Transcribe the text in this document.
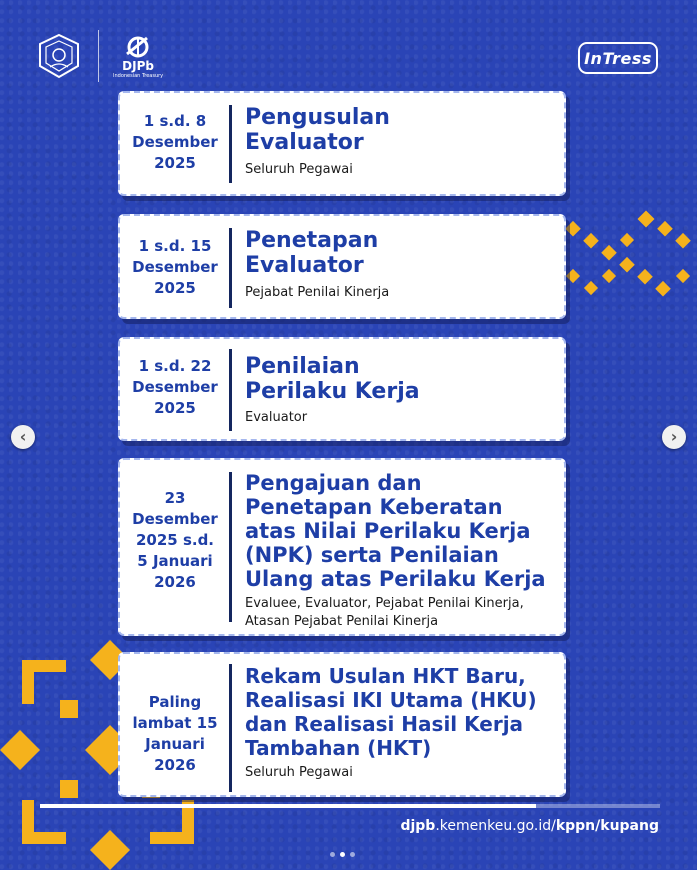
DJPb
Indonesian Treasury
InTress
1 s.d. 8
Desember
2025
Pengusulan
Evaluator
Seluruh Pegawai
1 s.d. 15
Desember
2025
Penetapan
Evaluator
Pejabat Penilai Kinerja
1 s.d. 22
Desember
2025
Penilaian
Perilaku Kerja
Evaluator
23
Desember
2025 s.d.
5 Januari
2026
Pengajuan dan
Penetapan Keberatan
atas Nilai Perilaku Kerja
(NPK) serta Penilaian
Ulang atas Perilaku Kerja
Evaluee, Evaluator, Pejabat Penilai Kinerja,
Atasan Pejabat Penilai Kinerja
Paling
lambat 15
Januari
2026
Rekam Usulan HKT Baru,
Realisasi IKI Utama (HKU)
dan Realisasi Hasil Kerja
Tambahan (HKT)
Seluruh Pegawai
‹	›
djpb.kemenkeu.go.id/kppn/kupang
